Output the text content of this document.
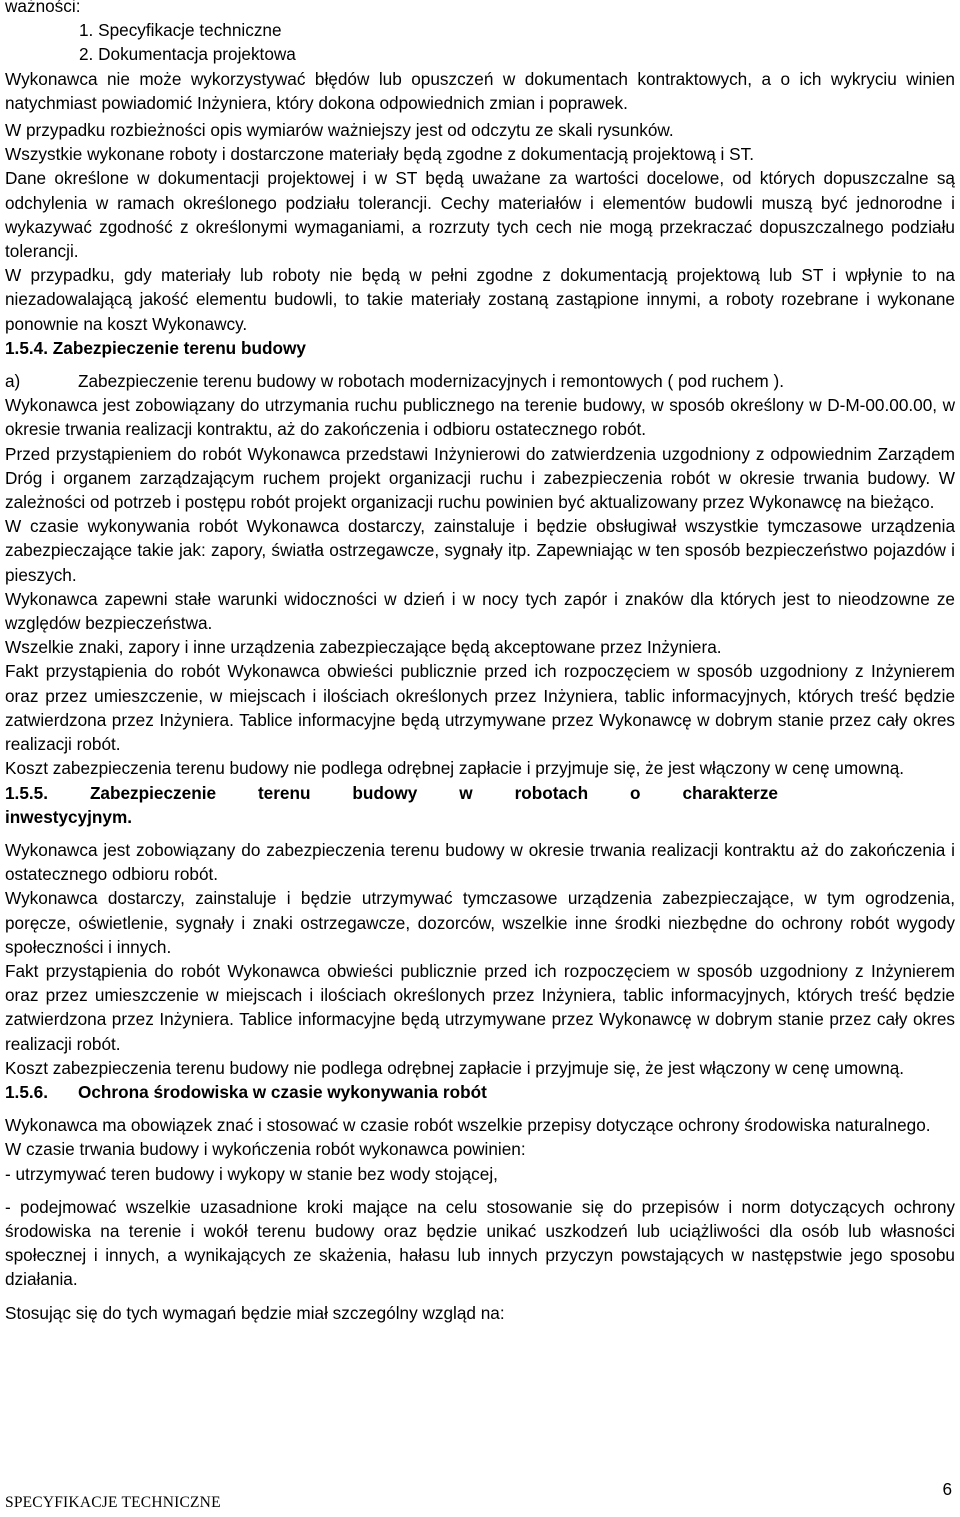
ważności:

1. Specyfikacje techniczne

2. Dokumentacja projektowa

Wykonawca nie może wykorzystywać błędów lub opuszczeń w dokumentach kontraktowych, a o ich wykryciu winien natychmiast powiadomić Inżyniera, który dokona odpowiednich zmian i poprawek.

W przypadku rozbieżności opis wymiarów ważniejszy jest od odczytu ze skali rysunków.

Wszystkie wykonane roboty i dostarczone materiały będą zgodne z dokumentacją projektową i ST.

Dane określone w dokumentacji projektowej i w ST będą uważane za wartości docelowe, od których dopuszczalne są odchylenia w ramach określonego podziału tolerancji. Cechy materiałów i elementów budowli muszą być jednorodne i wykazywać zgodność z określonymi wymaganiami, a rozrzuty tych cech nie mogą przekraczać dopuszczalnego podziału tolerancji.

W przypadku, gdy materiały lub roboty nie będą w pełni zgodne z dokumentacją projektową lub ST i wpłynie to na niezadowalającą jakość elementu budowli, to takie materiały zostaną zastąpione innymi, a roboty rozebrane i wykonane ponownie na koszt Wykonawcy.

1.5.4.
Zabezpieczenie terenu budowy
a)	Zabezpieczenie terenu budowy w robotach modernizacyjnych i remontowych ( pod ruchem ).

Wykonawca jest zobowiązany do utrzymania ruchu publicznego na terenie budowy, w sposób określony w D-M-00.00.00, w okresie trwania realizacji kontraktu, aż do zakończenia i odbioru ostatecznego robót.

Przed przystąpieniem do robót Wykonawca przedstawi Inżynierowi do zatwierdzenia uzgodniony z odpowiednim Zarządem Dróg i organem zarządzającym ruchem projekt organizacji ruchu i zabezpieczenia robót w okresie trwania budowy. W zależności od potrzeb i postępu robót projekt organizacji ruchu powinien być aktualizowany przez Wykonawcę na bieżąco.

W czasie wykonywania robót Wykonawca dostarczy, zainstaluje i będzie obsługiwał wszystkie tymczasowe urządzenia zabezpieczające takie jak: zapory, światła ostrzegawcze, sygnały itp. Zapewniając w ten sposób bezpieczeństwo pojazdów i pieszych.

Wykonawca zapewni stałe warunki widoczności w dzień i w nocy tych zapór i znaków dla których jest to nieodzowne ze względów bezpieczeństwa.

Wszelkie znaki, zapory i inne urządzenia zabezpieczające będą akceptowane przez Inżyniera.

Fakt przystąpienia do robót Wykonawca obwieści publicznie przed ich rozpoczęciem w sposób uzgodniony z Inżynierem oraz przez umieszczenie, w miejscach i ilościach określonych przez Inżyniera, tablic informacyjnych, których treść będzie zatwierdzona przez Inżyniera. Tablice informacyjne będą utrzymywane przez Wykonawcę w dobrym stanie przez cały okres realizacji robót.

Koszt zabezpieczenia terenu budowy nie podlega odrębnej zapłacie i przyjmuje się, że jest włączony w cenę umowną.

1.5.5. Zabezpieczenie terenu budowy w robotach o charakterze
inwestycyjnym.

Wykonawca jest zobowiązany do zabezpieczenia terenu budowy w okresie trwania realizacji kontraktu aż do zakończenia i ostatecznego odbioru robót.

Wykonawca dostarczy, zainstaluje i będzie utrzymywać tymczasowe urządzenia zabezpieczające, w tym ogrodzenia, poręcze, oświetlenie, sygnały i znaki ostrzegawcze, dozorców, wszelkie inne środki niezbędne do ochrony robót wygody społeczności i innych.

Fakt przystąpienia do robót Wykonawca obwieści publicznie przed ich rozpoczęciem w sposób uzgodniony z Inżynierem oraz przez umieszczenie w miejscach i ilościach określonych przez Inżyniera, tablic informacyjnych, których treść będzie zatwierdzona przez Inżyniera. Tablice informacyjne będą utrzymywane przez Wykonawcę w dobrym stanie przez cały okres realizacji robót.

Koszt zabezpieczenia terenu budowy nie podlega odrębnej zapłacie i przyjmuje się, że jest włączony w cenę umowną.

1.5.6.	Ochrona środowiska w czasie wykonywania robót

Wykonawca ma obowiązek znać i stosować w czasie robót wszelkie przepisy dotyczące ochrony środowiska naturalnego.

W czasie trwania budowy i wykończenia robót wykonawca powinien:

- utrzymywać teren budowy i wykopy w stanie bez wody stojącej,

- podejmować wszelkie uzasadnione kroki mające na celu stosowanie się do przepisów i norm dotyczących ochrony środowiska na terenie i wokół terenu budowy oraz będzie unikać uszkodzeń lub uciążliwości dla osób lub własności społecznej i innych, a wynikających ze skażenia, hałasu lub innych przyczyn powstających w następstwie jego sposobu działania.

Stosując się do tych wymagań będzie miał szczególny wzgląd na:

SPECYFIKACJE TECHNICZNE
6
